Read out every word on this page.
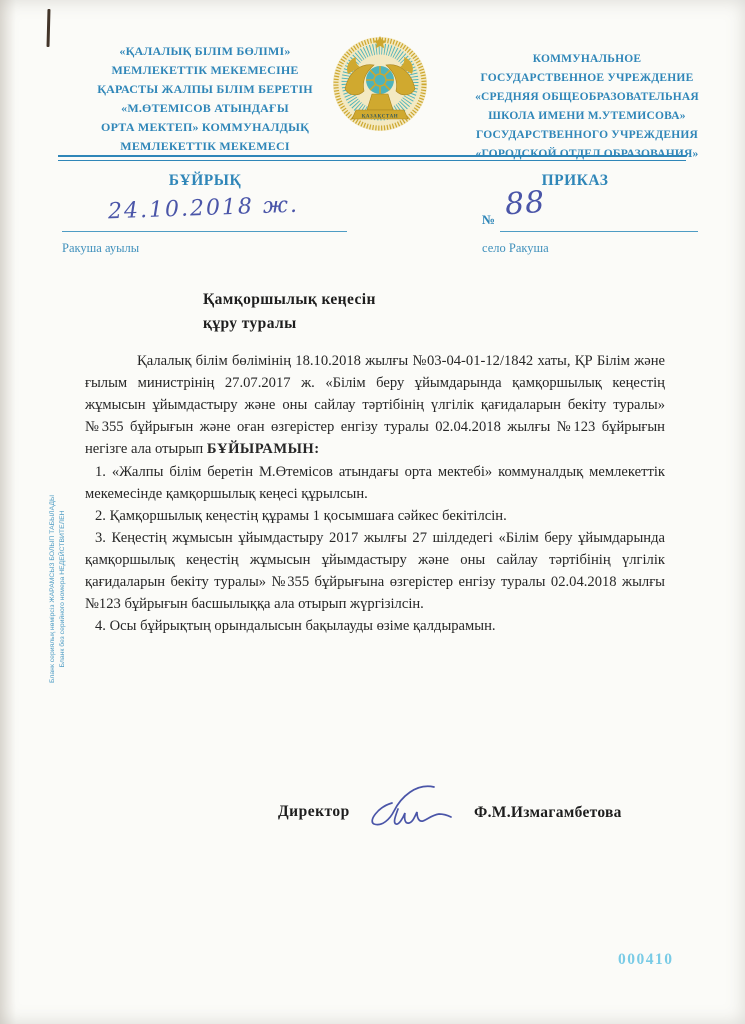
«ҚАЛАЛЫҚ БІЛІМ БӨЛІМІ»
МЕМЛЕКЕТТІК МЕКЕМЕСІНЕ
ҚАРАСТЫ ЖАЛПЫ БІЛІМ БЕРЕТІН
«М.ӨТЕМІСОВ АТЫНДАҒЫ
ОРТА МЕКТЕП» КОММУНАЛДЫҚ
МЕМЛЕКЕТТІК МЕКЕМЕСІ
ҚАЗАҚСТАН
КОММУНАЛЬНОЕ
ГОСУДАРСТВЕННОЕ УЧРЕЖДЕНИЕ
«СРЕДНЯЯ ОБЩЕОБРАЗОВАТЕЛЬНАЯ
ШКОЛА ИМЕНИ М.УТЕМИСОВА»
ГОСУДАРСТВЕННОГО УЧРЕЖДЕНИЯ
«ГОРОДСКОЙ ОТДЕЛ ОБРАЗОВАНИЯ»
БҰЙРЫҚ	ПРИКАЗ
24.10.2018 ж.
Ракуша ауылы
№ 88
село Ракуша
Қамқоршылық кеңесін
құру туралы

Қалалық білім бөлімінің 18.10.2018 жылғы №03-04-01-12/1842 хаты, ҚР Білім және ғылым министрінің 27.07.2017 ж. «Білім беру ұйымдарында қамқоршылық кеңестің жұмысын ұйымдастыру және оны сайлау тәртібінің үлгілік қағидаларын бекіту туралы» №355 бұйрығын және оған өзгерістер енгізу туралы 02.04.2018 жылғы №123 бұйрығын негізге ала отырып БҰЙЫРАМЫН:

1. «Жалпы білім беретін М.Өтемісов атындағы орта мектебі» коммуналдық мемлекеттік мекемесінде қамқоршылық кеңесі құрылсын.
2. Қамқоршылық кеңестің құрамы 1 қосымшаға сәйкес бекітілсін.
3. Кеңестің жұмысын ұйымдастыру 2017 жылғы 27 шілдедегі «Білім беру ұйымдарында қамқоршылық кеңестің жұмысын ұйымдастыру және оны сайлау тәртібінің үлгілік қағидаларын бекіту туралы» №355 бұйрығына өзгерістер енгізу туралы 02.04.2018 жылғы №123 бұйрығын басшылыққа ала отырып жүргізілсін.
4. Осы бұйрықтың орындалысын бақылауды өзіме қалдырамын.
Бланк сериялық нөмірсіз ЖАРАМСЫЗ БОЛЫП ТАБЫЛАДЫ Бланк без серийного номера НЕДЕЙСТВИТЕЛЕН
Директор	Ф.М.Измагамбетова
000410
